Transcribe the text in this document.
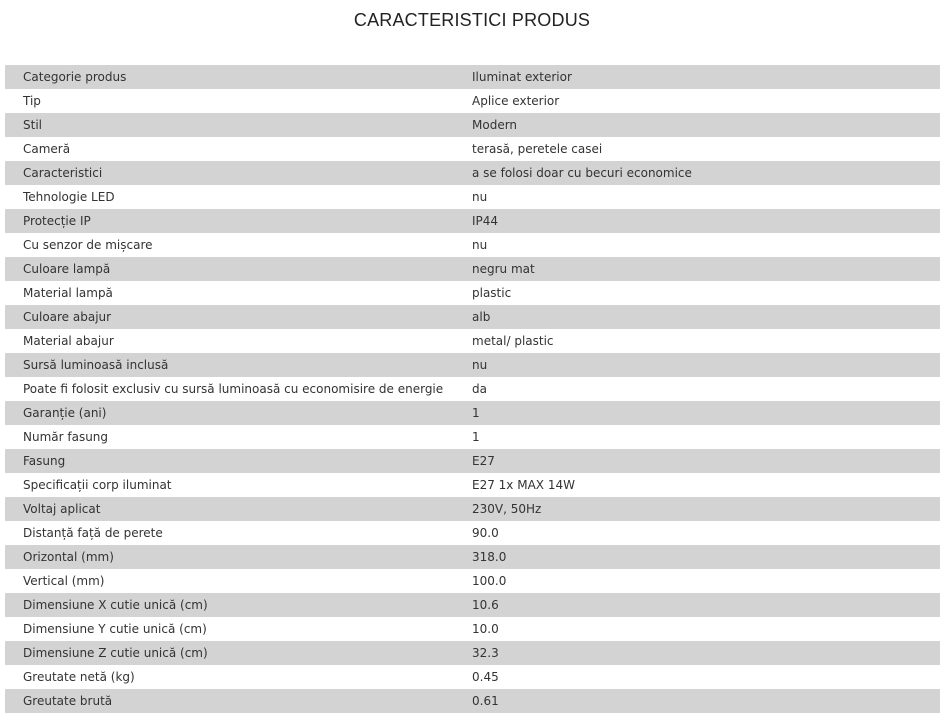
CARACTERISTICI PRODUS
Categorie produs	Iluminat exterior
Tip	Aplice exterior
Stil	Modern
Cameră	terasă, peretele casei
Caracteristici	a se folosi doar cu becuri economice
Tehnologie LED	nu
Protecție IP	IP44
Cu senzor de mișcare	nu
Culoare lampă	negru mat
Material lampă	plastic
Culoare abajur	alb
Material abajur	metal/ plastic
Sursă luminoasă inclusă	nu
Poate fi folosit exclusiv cu sursă luminoasă cu economisire de energie	da
Garanție (ani)	1
Număr fasung	1
Fasung	E27
Specificații corp iluminat	E27 1x MAX 14W
Voltaj aplicat	230V, 50Hz
Distanță față de perete	90.0
Orizontal (mm)	318.0
Vertical (mm)	100.0
Dimensiune X cutie unică (cm)	10.6
Dimensiune Y cutie unică (cm)	10.0
Dimensiune Z cutie unică (cm)	32.3
Greutate netă (kg)	0.45
Greutate brută	0.61
